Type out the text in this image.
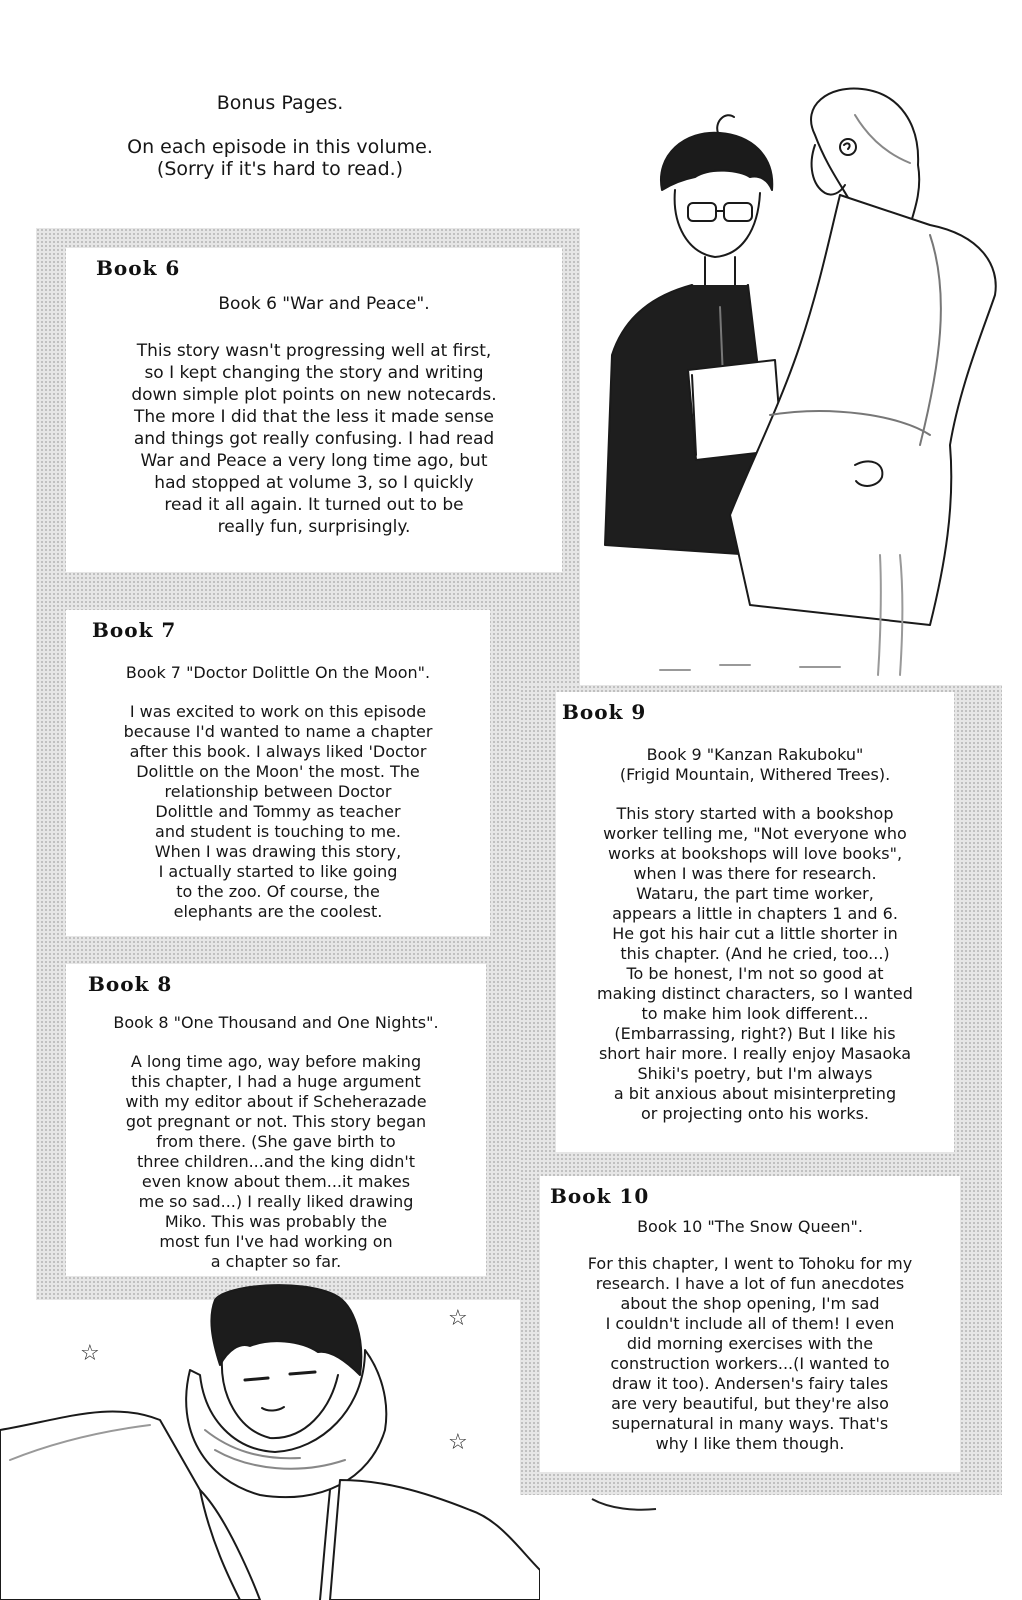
Bonus Pages.
On each episode in this volume.
(Sorry if it's hard to read.)
Book 6
Book 6 "War and Peace".
This story wasn't progressing well at first,
so I kept changing the story and writing
down simple plot points on new notecards.
The more I did that the less it made sense
and things got really confusing. I had read
War and Peace a very long time ago, but
had stopped at volume 3, so I quickly
read it all again. It turned out to be
really fun, surprisingly.
Book 7
Book 7 "Doctor Dolittle On the Moon".
I was excited to work on this episode
because I'd wanted to name a chapter
after this book. I always liked 'Doctor
Dolittle on the Moon' the most. The
relationship between Doctor
Dolittle and Tommy as teacher
and student is touching to me.
When I was drawing this story,
I actually started to like going
to the zoo. Of course, the
elephants are the coolest.
Book 8
Book 8 "One Thousand and One Nights".
A long time ago, way before making
this chapter, I had a huge argument
with my editor about if Scheherazade
got pregnant or not. This story began
from there. (She gave birth to
three children...and the king didn't
even know about them...it makes
me so sad...) I really liked drawing
Miko. This was probably the
most fun I've had working on
a chapter so far.
Book 9
Book 9 "Kanzan Rakuboku"
(Frigid Mountain, Withered Trees).
This story started with a bookshop
worker telling me, "Not everyone who
works at bookshops will love books",
when I was there for research.
Wataru, the part time worker,
appears a little in chapters 1 and 6.
He got his hair cut a little shorter in
this chapter. (And he cried, too...)
To be honest, I'm not so good at
making distinct characters, so I wanted
to make him look different...
(Embarrassing, right?) But I like his
short hair more. I really enjoy Masaoka
Shiki's poetry, but I'm always
a bit anxious about misinterpreting
or projecting onto his works.
Book 10
Book 10 "The Snow Queen".
For this chapter, I went to Tohoku for my
research. I have a lot of fun anecdotes
about the shop opening, I'm sad
I couldn't include all of them! I even
did morning exercises with the
construction workers...(I wanted to
draw it too). Andersen's fairy tales
are very beautiful, but they're also
supernatural in many ways. That's
why I like them though.
☆
☆
☆
